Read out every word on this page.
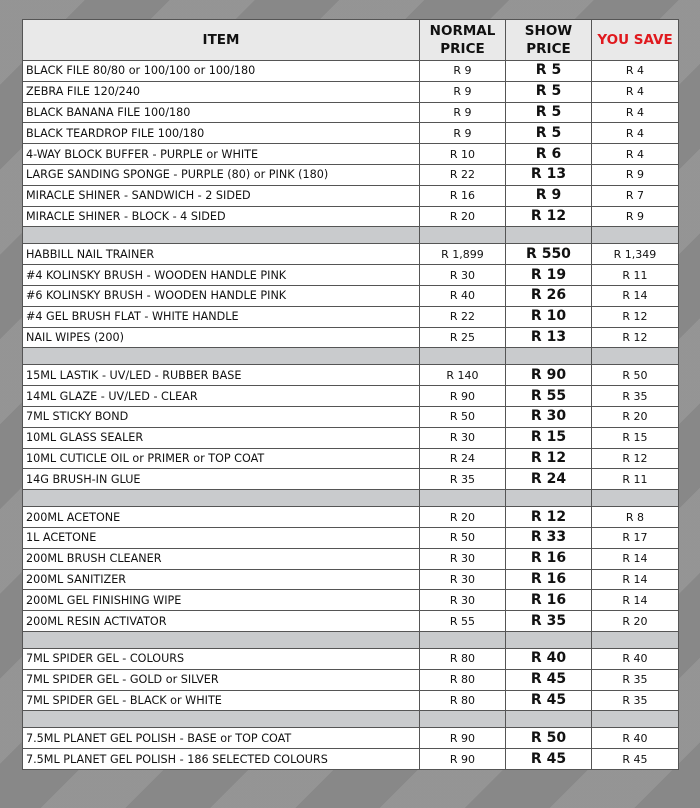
ITEM	NORMAL PRICE	SHOW PRICE	YOU SAVE
BLACK FILE 80/80 or 100/100 or 100/180	R 9	R 5	R 4
ZEBRA FILE 120/240	R 9	R 5	R 4
BLACK BANANA FILE 100/180	R 9	R 5	R 4
BLACK TEARDROP FILE 100/180	R 9	R 5	R 4
4-WAY BLOCK BUFFER - PURPLE or WHITE	R 10	R 6	R 4
LARGE SANDING SPONGE - PURPLE (80) or PINK (180)	R 22	R 13	R 9
MIRACLE SHINER - SANDWICH - 2 SIDED	R 16	R 9	R 7
MIRACLE SHINER - BLOCK - 4 SIDED	R 20	R 12	R 9

HABBILL NAIL TRAINER	R 1,899	R 550	R 1,349
#4 KOLINSKY BRUSH - WOODEN HANDLE PINK	R 30	R 19	R 11
#6 KOLINSKY BRUSH - WOODEN HANDLE PINK	R 40	R 26	R 14
#4 GEL BRUSH FLAT - WHITE HANDLE	R 22	R 10	R 12
NAIL WIPES (200)	R 25	R 13	R 12

15ML LASTIK - UV/LED - RUBBER BASE	R 140	R 90	R 50
14ML GLAZE - UV/LED - CLEAR	R 90	R 55	R 35
7ML STICKY BOND	R 50	R 30	R 20
10ML GLASS SEALER	R 30	R 15	R 15
10ML CUTICLE OIL or PRIMER or TOP COAT	R 24	R 12	R 12
14G BRUSH-IN GLUE	R 35	R 24	R 11

200ML ACETONE	R 20	R 12	R 8
1L ACETONE	R 50	R 33	R 17
200ML BRUSH CLEANER	R 30	R 16	R 14
200ML SANITIZER	R 30	R 16	R 14
200ML GEL FINISHING WIPE	R 30	R 16	R 14
200ML RESIN ACTIVATOR	R 55	R 35	R 20

7ML SPIDER GEL - COLOURS	R 80	R 40	R 40
7ML SPIDER GEL - GOLD or SILVER	R 80	R 45	R 35
7ML SPIDER GEL - BLACK or WHITE	R 80	R 45	R 35

7.5ML PLANET GEL POLISH - BASE or TOP COAT	R 90	R 50	R 40
7.5ML PLANET GEL POLISH - 186 SELECTED COLOURS	R 90	R 45	R 45
